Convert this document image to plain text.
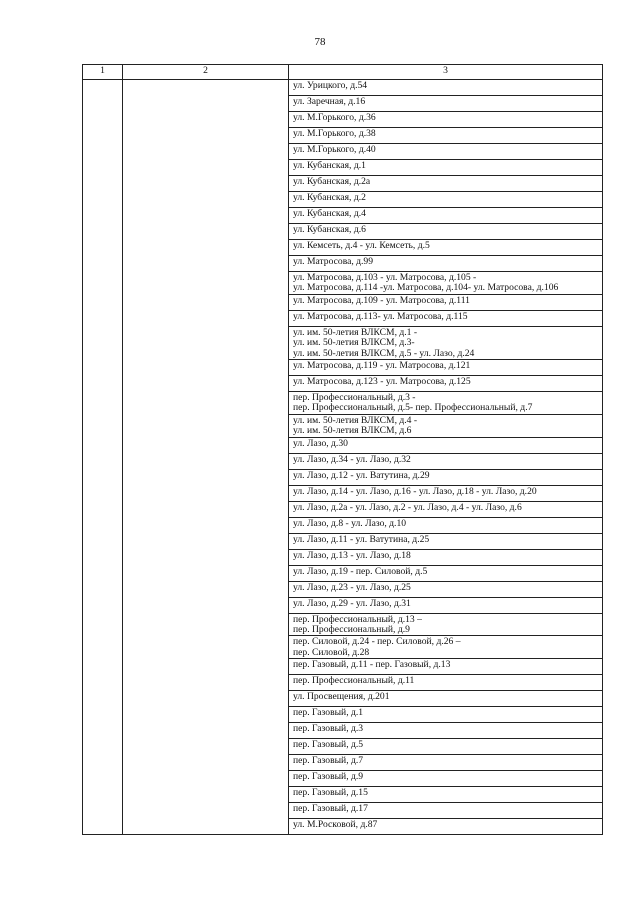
78
1	2	3
		ул. Урицкого, д.54
		ул. Заречная, д.16
		ул. М.Горького, д.36
		ул. М.Горького, д.38
		ул. М.Горького, д.40
		ул. Кубанская, д.1
		ул. Кубанская, д.2а
		ул. Кубанская, д.2
		ул. Кубанская, д.4
		ул. Кубанская, д.6
		ул. Кемсеть, д.4 - ул. Кемсеть, д.5
		ул. Матросова, д.99
		ул. Матросова, д.103 - ул. Матросова, д.105 -
ул. Матросова, д.114 -ул. Матросова, д.104- ул. Матросова, д.106
		ул. Матросова, д.109 - ул. Матросова, д.111
		ул. Матросова, д.113- ул. Матросова, д.115
		ул. им. 50-летия ВЛКСМ, д.1 -
ул. им. 50-летия ВЛКСМ, д.3-
ул. им. 50-летия ВЛКСМ, д.5 - ул. Лазо, д.24
		ул. Матросова, д.119 - ул. Матросова, д.121
		ул. Матросова, д.123 - ул. Матросова, д.125
		пер. Профессиональный, д.3 -
пер. Профессиональный, д.5- пер. Профессиональный, д.7
		ул. им. 50-летия ВЛКСМ, д.4 -
ул. им. 50-летия ВЛКСМ, д.6
		ул. Лазо, д.30
		ул. Лазо, д.34 - ул. Лазо, д.32
		ул. Лазо, д.12 - ул. Ватутина, д.29
		ул. Лазо, д.14 - ул. Лазо, д.16 - ул. Лазо, д.18 - ул. Лазо, д.20
		ул. Лазо, д.2а - ул. Лазо, д.2 - ул. Лазо, д.4 - ул. Лазо, д.6
		ул. Лазо, д.8 - ул. Лазо, д.10
		ул. Лазо, д.11 - ул. Ватутина, д.25
		ул. Лазо, д.13 - ул. Лазо, д.18
		ул. Лазо, д.19 - пер. Силовой, д.5
		ул. Лазо, д.23 - ул. Лазо, д.25
		ул. Лазо, д.29 - ул. Лазо, д.31
		пер. Профессиональный, д.13 –
пер. Профессиональный, д.9
		пер. Силовой, д.24 - пер. Силовой, д.26 –
пер. Силовой, д.28
		пер. Газовый, д.11 - пер. Газовый, д.13
		пер. Профессиональный, д.11
		ул. Просвещения, д.201
		пер. Газовый, д.1
		пер. Газовый, д.3
		пер. Газовый, д.5
		пер. Газовый, д.7
		пер. Газовый, д.9
		пер. Газовый, д.15
		пер. Газовый, д.17
		ул. М.Росковой, д.87
